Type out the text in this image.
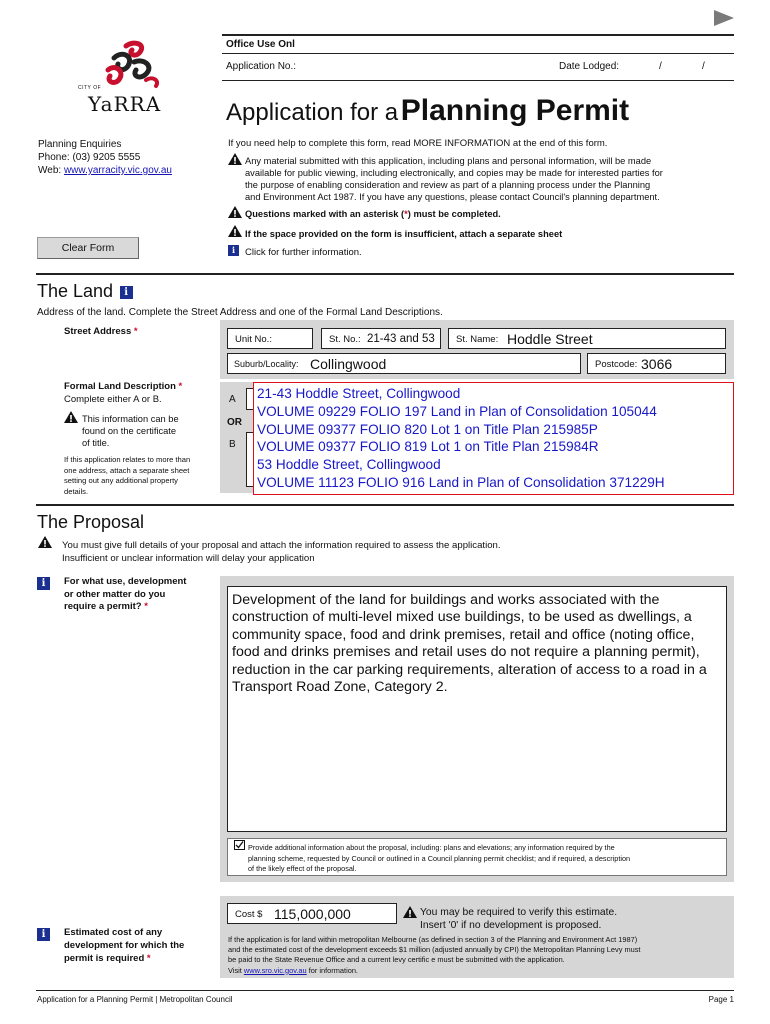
Office Use Onl
Application No.:	Date Lodged:	/	/
CITY OF
YaRRA	Application for a Planning Permit
Planning Enquiries
Phone: (03) 9205 5555
Web: www.yarracity.vic.gov.au
If you need help to complete this form, read MORE INFORMATION at the end of this form.
Any material submitted with this application, including plans and personal information, will be made
available for public viewing, including electronically, and copies may be made for interested parties for
the purpose of enabling consideration and review as part of a planning process under the Planning
and Environment Act 1987. If you have any questions, please contact Council's planning department.
Questions marked with an asterisk (*) must be completed.
If the space provided on the form is insufficient, attach a separate sheet
i	Click for further information.
Clear Form
The Land i
Address of the land. Complete the Street Address and one of the Formal Land Descriptions.
Street Address *
Unit No.:	St. No.: 21-43 and 53 St. Name: Hoddle Street
Suburb/Locality: Collingwood	Postcode: 3066
Formal Land Description *
Complete either A or B.
This information can be
found on the certificate
of title.
If this application relates to more than
one address, attach a separate sheet
setting out any additional property
details.
A
OR
B
21-43 Hoddle Street, Collingwood
VOLUME 09229 FOLIO 197 Land in Plan of Consolidation 105044
VOLUME 09377 FOLIO 820 Lot 1 on Title Plan 215985P
VOLUME 09377 FOLIO 819 Lot 1 on Title Plan 215984R
53 Hoddle Street, Collingwood
VOLUME 11123 FOLIO 916 Land in Plan of Consolidation 371229H
The Proposal
You must give full details of your proposal and attach the information required to assess the application.
Insufficient or unclear information will delay your application
i	For what use, development
or other matter do you
require a permit? *	Development of the land for buildings and works associated with the construction of multi-level mixed use buildings, to be used as dwellings, a community space, food and drink premises, retail and office (noting office, food and drinks premises and retail uses do not require a planning permit), reduction in the car parking requirements, alteration of access to a road in a Transport Road Zone, Category 2.
Provide additional information about the proposal, including: plans and elevations; any information required by the
planning scheme, requested by Council or outlined in a Council planning permit checklist; and if required, a description
of the likely effect of the proposal.
i	Estimated cost of any
development for which the
permit is required *
Cost $ 115,000,000	You may be required to verify this estimate.
Insert '0' if no development is proposed.
If the application is for land within metropolitan Melbourne (as defined in section 3 of the Planning and Environment Act 1987)
and the estimated cost of the development exceeds $1 million (adjusted annually by CPI) the Metropolitan Planning Levy must
be paid to the State Revenue Office and a current levy certific e must be submitted with the application.
Visit www.sro.vic.gov.au for information.
Application for a Planning Permit | Metropolitan Council	Page 1
